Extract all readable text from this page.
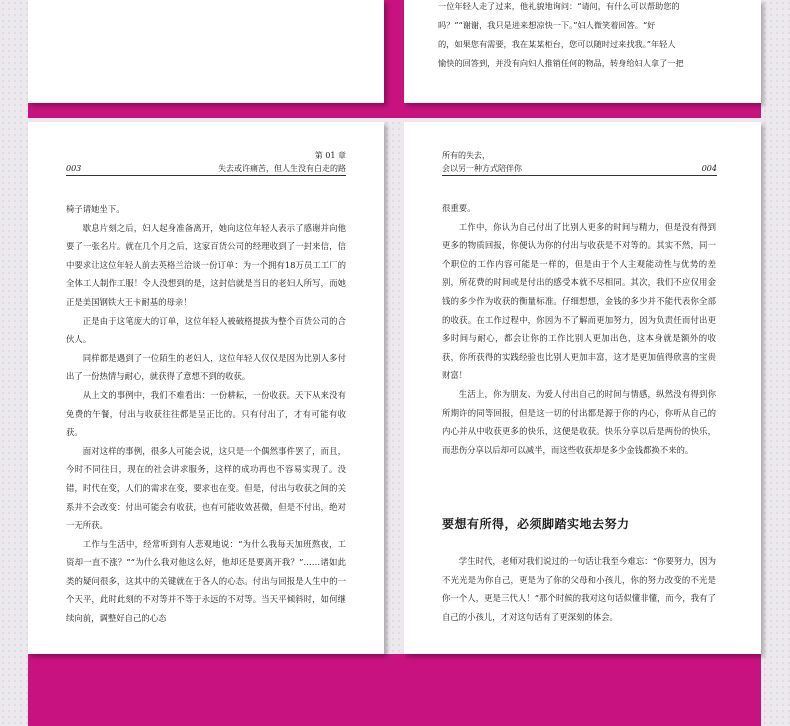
一位年轻人走了过来，他礼貌地询问：“请问，有什么可以帮助您的

吗？”“谢谢，我只是进来想凉快一下。”妇人微笑着回答。“好

的，如果您有需要，我在某某柜台，您可以随时过来找我。”年轻人

愉快的回答到，并没有向妇人推销任何的物品，转身给妇人拿了一把

第 01 章
003	失去或许痛苦，但人生没有白走的路

椅子请她坐下。

歇息片刻之后，妇人起身准备离开，她向这位年轻人表示了感谢并向他要了一张名片。就在几个月之后，这家百货公司的经理收到了一封来信，信中要求让这位年轻人前去英格兰洽谈一份订单：为一个拥有18万员工工厂的全体工人制作工服！令人没想到的是，这封信就是当日的老妇人所写，而她正是美国钢铁大王卡耐基的母亲！

正是由于这笔庞大的订单，这位年轻人被破格提拔为整个百货公司的合伙人。

同样都是遇到了一位陌生的老妇人，这位年轻人仅仅是因为比别人多付出了一份热情与耐心，就获得了意想不到的收获。

从上文的事例中，我们不难看出：一份耕耘，一份收获。天下从来没有免费的午餐，付出与收获往往都是呈正比的。只有付出了，才有可能有收获。

面对这样的事例，很多人可能会说，这只是一个偶然事件罢了，而且，今时不同往日，现在的社会讲求服务，这样的成功再也不容易实现了。没错，时代在变，人们的需求在变，要求也在变。但是，付出与收获之间的关系并不会改变：付出可能会有收获，也有可能收效甚微，但是不付出，绝对一无所获。

工作与生活中，经常听到有人悲观地说：“为什么我每天加班熬夜，工资却一直不涨？”“为什么我对他这么好，他却还是要离开我？”……诸如此类的疑问很多，这其中的关键就在于各人的心态。付出与回报是人生中的一个天平，此时此刻的不对等并不等于永远的不对等。当天平倾斜时，如何继续向前，调整好自己的心态

所有的失去，
会以另一种方式陪伴你	004

很重要。

工作中，你认为自己付出了比别人更多的时间与精力，但是没有得到更多的物质回报，你便认为你的付出与收获是不对等的。其实不然，同一个职位的工作内容可能是一样的，但是由于个人主观能动性与优势的差别，所花费的时间或是付出的感受本就不尽相同。其次，我们不应仅用金钱的多少作为收获的衡量标准。仔细想想，金钱的多少并不能代表你全部的收获。在工作过程中，你因为不了解而更加努力，因为负责任而付出更多时间与耐心，都会让你的工作比别人更加出色，这本身就是额外的收获，你所获得的实践经验也比别人更加丰富，这才是更加值得欣喜的宝贵财富！

生活上，你为朋友、为爱人付出自己的时间与情感，纵然没有得到你所期许的同等回报，但是这一切的付出都是源于你的内心，你听从自己的内心并从中收获更多的快乐，这便是收获。快乐分享以后是两份的快乐，而悲伤分享以后却可以减半，而这些收获却是多少金钱都换不来的。

要想有所得，必须脚踏实地去努力

学生时代，老师对我们说过的一句话让我至今难忘：“你要努力，因为不光光是为你自己，更是为了你的父母和小孩儿，你的努力改变的不光是你一个人，更是三代人！”那个时候的我对这句话似懂非懂，而今，我有了自己的小孩儿，才对这句话有了更深刻的体会。
